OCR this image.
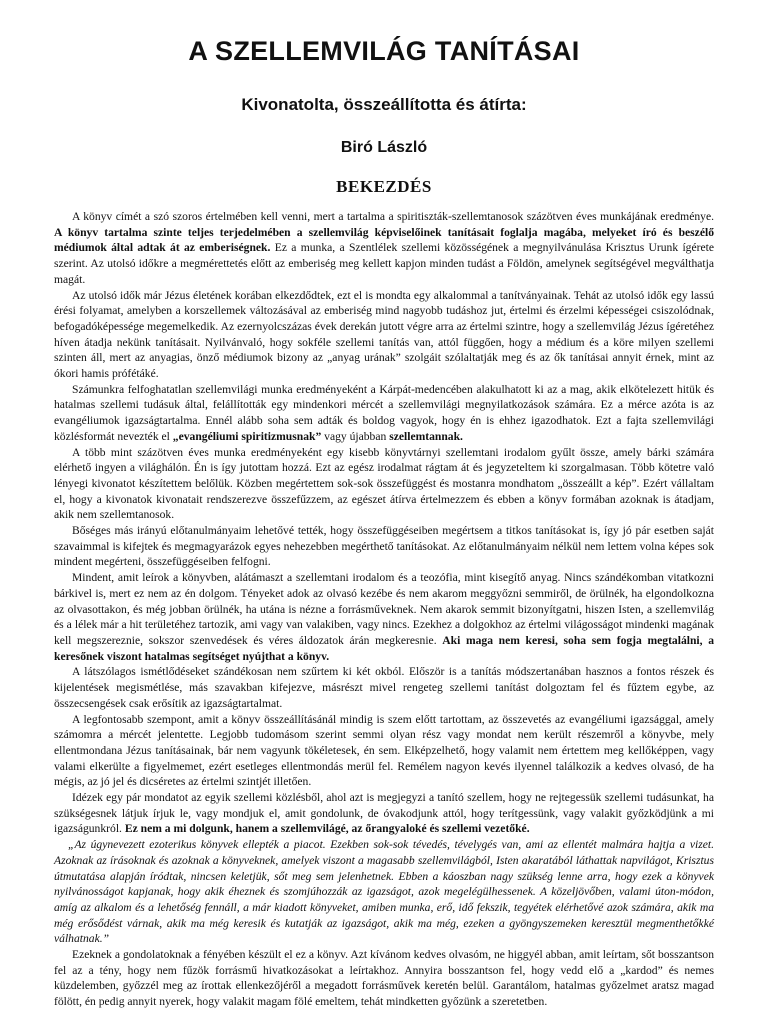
A SZELLEMVILÁG TANÍTÁSAI
Kivonatolta, összeállította és átírta:
Biró László
BEKEZDÉS

A könyv címét a szó szoros értelmében kell venni, mert a tartalma a spiritiszták-szellemtanosok százötven éves munkájának eredménye. A könyv tartalma szinte teljes terjedelmében a szellemvilág képviselőinek tanításait foglalja magába, melyeket író és beszélő médiumok által adtak át az emberiségnek. Ez a munka, a Szentlélek szellemi közösségének a megnyilvánulása Krisztus Urunk ígérete szerint. Az utolsó időkre a megmérettetés előtt az emberiség meg kellett kapjon minden tudást a Földön, amelynek segítségével megválthatja magát.

Az utolsó idők már Jézus életének korában elkezdődtek, ezt el is mondta egy alkalommal a tanítványainak. Tehát az utolsó idők egy lassú érési folyamat, amelyben a korszellemek változásával az emberiség mind nagyobb tudáshoz jut, értelmi és érzelmi képességei csiszolódnak, befogadóképessége megemelkedik. Az ezernyolcszázas évek derekán jutott végre arra az értelmi szintre, hogy a szellemvilág Jézus ígéretéhez híven átadja nekünk tanításait. Nyilvánvaló, hogy sokféle szellemi tanítás van, attól függően, hogy a médium és a köre milyen szellemi szinten áll, mert az anyagias, önző médiumok bizony az „anyag urának” szolgáit szólaltatják meg és az ők tanításai annyit érnek, mint az ókori hamis prófétáké.

Számunkra felfoghatatlan szellemvilági munka eredményeként a Kárpát-medencében alakulhatott ki az a mag, akik elkötelezett hitük és hatalmas szellemi tudásuk által, felállították egy mindenkori mércét a szellemvilági megnyilatkozások számára. Ez a mérce azóta is az evangéliumok igazságtartalma. Ennél alább soha sem adták és boldog vagyok, hogy én is ehhez igazodhatok. Ezt a fajta szellemvilági közlésformát nevezték el „evangéliumi spiritizmusnak” vagy újabban szellemtannak.

A több mint százötven éves munka eredményeként egy kisebb könyvtárnyi szellemtani irodalom gyűlt össze, amely bárki számára elérhető ingyen a világhálón. Én is így jutottam hozzá. Ezt az egész irodalmat rágtam át és jegyzeteltem ki szorgalmasan. Több kötetre való lényegi kivonatot készítettem belőlük. Közben megértettem sok-sok összefüggést és mostanra mondhatom „összeállt a kép”. Ezért vállaltam el, hogy a kivonatok kivonatait rendszerezve összefűzzem, az egészet átírva értelmezzem és ebben a könyv formában azoknak is átadjam, akik nem szellemtanosok.

Bőséges más irányú előtanulmányaim lehetővé tették, hogy összefüggéseiben megértsem a titkos tanításokat is, így jó pár esetben saját szavaimmal is kifejtek és megmagyarázok egyes nehezebben megérthető tanításokat. Az előtanulmányaim nélkül nem lettem volna képes sok mindent megérteni, összefüggéseiben felfogni.

Mindent, amit leírok a könyvben, alátámaszt a szellemtani irodalom és a teozófia, mint kisegítő anyag. Nincs szándékomban vitatkozni bárkivel is, mert ez nem az én dolgom. Tényeket adok az olvasó kezébe és nem akarom meggyőzni semmiről, de örülnék, ha elgondolkozna az olvasottakon, és még jobban örülnék, ha utána is nézne a forrásműveknek. Nem akarok semmit bizonyítgatni, hiszen Isten, a szellemvilág és a lélek már a hit területéhez tartozik, ami vagy van valakiben, vagy nincs. Ezekhez a dolgokhoz az értelmi világosságot mindenki magának kell megszereznie, sokszor szenvedések és véres áldozatok árán megkeresnie. Aki maga nem keresi, soha sem fogja megtalálni, a keresőnek viszont hatalmas segítséget nyújthat a könyv.

A látszólagos ismétlődéseket szándékosan nem szűrtem ki két okból. Először is a tanítás módszertanában hasznos a fontos részek és kijelentések megismétlése, más szavakban kifejezve, másrészt mivel rengeteg szellemi tanítást dolgoztam fel és fűztem egybe, az összecsengések csak erősítik az igazságtartalmat.

A legfontosabb szempont, amit a könyv összeállításánál mindig is szem előtt tartottam, az összevetés az evangéliumi igazsággal, amely számomra a mércét jelentette. Legjobb tudomásom szerint semmi olyan rész vagy mondat nem került részemről a könyvbe, mely ellentmondana Jézus tanításainak, bár nem vagyunk tökéletesek, én sem. Elképzelhető, hogy valamit nem értettem meg kellőképpen, vagy valami elkerülte a figyelmemet, ezért esetleges ellentmondás merül fel. Remélem nagyon kevés ilyennel találkozik a kedves olvasó, de ha mégis, az jó jel és dicséretes az értelmi szintjét illetően.

Idézek egy pár mondatot az egyik szellemi közlésből, ahol azt is megjegyzi a tanító szellem, hogy ne rejtegessük szellemi tudásunkat, ha szükségesnek látjuk írjuk le, vagy mondjuk el, amit gondolunk, de óvakodjunk attól, hogy terítgessünk, vagy valakit győzködjünk a mi igazságunkról. Ez nem a mi dolgunk, hanem a szellemvilágé, az őrangyaloké és szellemi vezetőké.

„Az úgynevezett ezoterikus könyvek ellepték a piacot. Ezekben sok-sok tévedés, tévelygés van, ami az ellentét malmára hajtja a vizet. Azoknak az írásoknak és azoknak a könyveknek, amelyek viszont a magasabb szellemvilágból, Isten akaratából láthattak napvilágot, Krisztus útmutatása alapján íródtak, nincsen keletjük, sőt meg sem jelenhetnek. Ebben a káoszban nagy szükség lenne arra, hogy ezek a könyvek nyilvánosságot kapjanak, hogy akik éheznek és szomjúhozzák az igazságot, azok megelégülhessenek. A közeljövőben, valami úton-módon, amíg az alkalom és a lehetőség fennáll, a már kiadott könyveket, amiben munka, erő, idő fekszik, tegyétek elérhetővé azok számára, akik ma még erősődést várnak, akik ma még keresik és kutatják az igazságot, akik ma még, ezeken a gyöngyszemeken keresztül megmenthetőkké válhatnak.”

Ezeknek a gondolatoknak a fényében készült el ez a könyv. Azt kívánom kedves olvasóm, ne higgyél abban, amit leírtam, sőt bosszantson fel az a tény, hogy nem fűzök forrásmű hivatkozásokat a leírtakhoz. Annyira bosszantson fel, hogy vedd elő a „kardod” és nemes küzdelemben, győzzél meg az írottak ellenkezőjéről a megadott forrásművek keretén belül. Garantálom, hatalmas győzelmet aratsz magad fölött, én pedig annyit nyerek, hogy valakit magam fölé emeltem, tehát mindketten győzünk a szeretetben.
